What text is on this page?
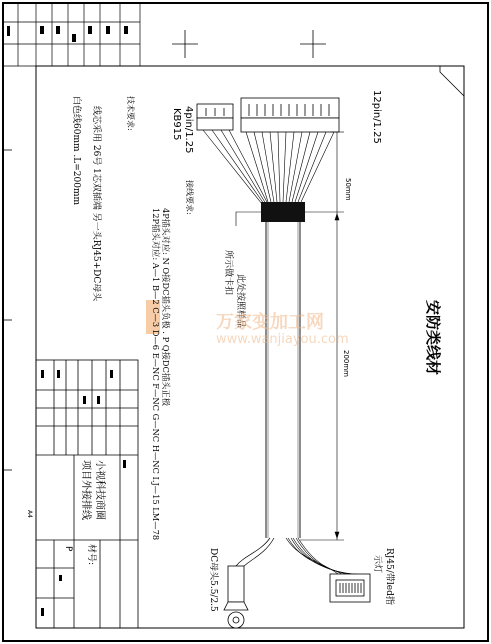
安防类线材
12pin/1.25
4pin/1.25
KB915
技术要求:
线芯采用 26号 1芯双插端 另一头RJ45+DC母头
白色线60mm .L=200mm	接线要求:
4P插头对应: N O接DC插头负极 . P Q接DC插头正极
12P插头对应: A—1 B—2 C—3 D—6 E—NC F—NC G—NC H—NC I.J—15 LM—78	此处按照样品
所示做卡扣
50mm
200mm
RJ45/带led指
示灯
DC母头5.5/2.5
小视科技商圈
项目外接排线
材号:
P
A4
万家变加工网
www.wanjiayou.com
